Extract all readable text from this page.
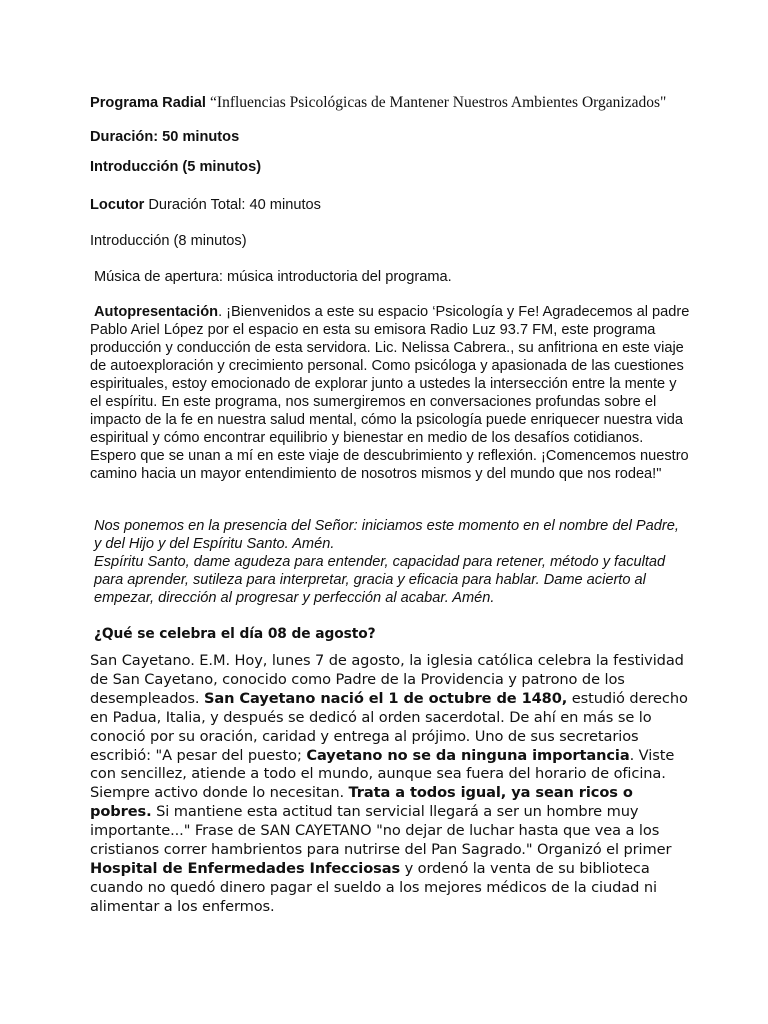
Programa Radial “Influencias Psicológicas de Mantener Nuestros Ambientes Organizados"
Duración: 50 minutos
Introducción (5 minutos)
Locutor Duración Total: 40 minutos
Introducción (8 minutos)
Música de apertura: música introductoria del programa.

Autopresentación. ¡Bienvenidos a este su espacio ‘Psicología y Fe! Agradecemos al padre Pablo Ariel López por el espacio en esta su emisora Radio Luz 93.7 FM, este programa producción y conducción de esta servidora. Lic. Nelissa Cabrera., su anfitriona en este viaje de autoexploración y crecimiento personal. Como psicóloga y apasionada de las cuestiones espirituales, estoy emocionado de explorar junto a ustedes la intersección entre la mente y el espíritu. En este programa, nos sumergiremos en conversaciones profundas sobre el impacto de la fe en nuestra salud mental, cómo la psicología puede enriquecer nuestra vida espiritual y cómo encontrar equilibrio y bienestar en medio de los desafíos cotidianos. Espero que se unan a mí en este viaje de descubrimiento y reflexión. ¡Comencemos nuestro camino hacia un mayor entendimiento de nosotros mismos y del mundo que nos rodea!"

Nos ponemos en la presencia del Señor: iniciamos este momento en el nombre del Padre, y del Hijo y del Espíritu Santo. Amén.

Espíritu Santo, dame agudeza para entender, capacidad para retener, método y facultad para aprender, sutileza para interpretar, gracia y eficacia para hablar. Dame acierto al empezar, dirección al progresar y perfección al acabar. Amén.

¿Qué se celebra el día 08 de agosto?

San Cayetano. E.M. Hoy, lunes 7 de agosto, la iglesia católica celebra la festividad de San Cayetano, conocido como Padre de la Providencia y patrono de los desempleados. San Cayetano nació el 1 de octubre de 1480, estudió derecho en Padua, Italia, y después se dedicó al orden sacerdotal. De ahí en más se lo conoció por su oración, caridad y entrega al prójimo. Uno de sus secretarios escribió: "A pesar del puesto; Cayetano no se da ninguna importancia. Viste con sencillez, atiende a todo el mundo, aunque sea fuera del horario de oficina. Siempre activo donde lo necesitan. Trata a todos igual, ya sean ricos o pobres. Si mantiene esta actitud tan servicial llegará a ser un hombre muy importante..." Frase de SAN CAYETANO "no dejar de luchar hasta que vea a los cristianos correr hambrientos para nutrirse del Pan Sagrado." Organizó el primer Hospital de Enfermedades Infecciosas y ordenó la venta de su biblioteca cuando no quedó dinero pagar el sueldo a los mejores médicos de la ciudad ni alimentar a los enfermos.
